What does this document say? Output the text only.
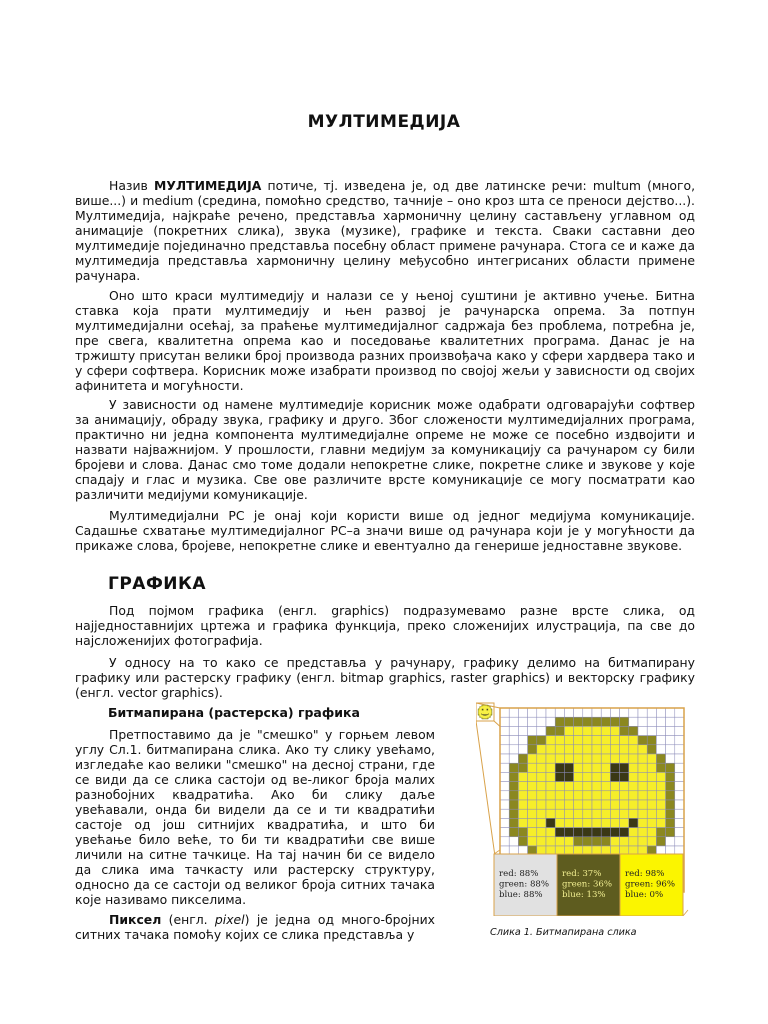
МУЛТИМЕДИЈА

Назив МУЛТИМЕДИЈА потиче, тј. изведена је, од две латинске речи: multum (много, више...) и medium (средина, помоћно средство, тачније – оно кроз шта се преноси дејство...). Мултимедија, најкраће речено, представља хармоничну целину састављену углавном од анимације (покретних слика), звука (музике), графике и текста. Сваки саставни део мултимедије појединачно представља посебну област примене рачунара. Стога се и каже да мултимедија представља хармоничну целину међусобно интегрисаних области примене рачунара.

Оно што краси мултимедију и налази се у њеној суштини је активно учење. Битна ставка која прати мултимедију и њен развој је рачунарска опрема. За потпун мултимедијални осећај, за праћење мултимедијалног садржаја без проблема, потребна је, пре свега, квалитетна опрема као и поседовање квалитетних програма. Данас је на тржишту присутан велики број производа разних произвођача како у сфери хардвера тако и у сфери софтвера. Корисник може изабрати производ по својој жељи у зависности од својих афинитета и могућности.

У зависности од намене мултимедије корисник може одабрати одговарајући софтвер за анимацију, обраду звука, графику и друго. Због сложености мултимедијалних програма, практично ни једна компонента мултимедијалне опреме не може се посебно издвојити и назвати најважнијом. У прошлости, главни медијум за комуникацију са рачунаром су били бројеви и слова. Данас смо томе додали непокретне слике, покретне слике и звукове у које спадају и глас и музика. Све ове различите врсте комуникације се могу посматрати као различити медијуми комуникације.

Мултимедијални PC је онај који користи више од једног медијума комуникације. Садашње схватање мултимедијалног PC–а значи више од рачунара који је у могућности да прикаже слова, бројеве, непокретне слике и евентуално да генерише једноставне звукове.

ГРАФИКА

Под појмом графика (енгл. graphics) подразумевамо разне врсте слика, од најједноставнијих цртежа и графика функција, преко сложенијих илустрација, па све до најсложенијих фотографија.

У односу на то како се представља у рачунару, графику делимо на битмапирану графику или растерску графику (енгл. bitmap graphics, raster graphics) и векторску графику (енгл. vector graphics).

Битмапирана (растерска) графика

Претпоставимо да је "смешко" у горњем левом углу Сл.1. битмапирана слика. Ако ту слику увећамо, изгледаће као велики "смешко" на десној страни, где се види да се слика састоји од ве-ликог броја малих разнобојних квадратића. Ако би слику даље увећавали, онда би видели да се и ти квадратићи састоје од још ситнијих квадратића, и што би увећање било веће, то би ти квадратићи све више личили на ситне тачкице. На тај начин би се видело да слика има тачкасту или растерску структуру, односно да се састоји од великог броја ситних тачака које називамо пикселима.

Пиксел (енгл. pixel) је једна од много-бројних ситних тачака помоћу којих се слика представља у

red: 88%
green: 88%
blue: 88%
red: 37%
green: 36%
blue: 13%
red: 98%
green: 96%
blue: 0%

Слика 1. Битмапирана слика
